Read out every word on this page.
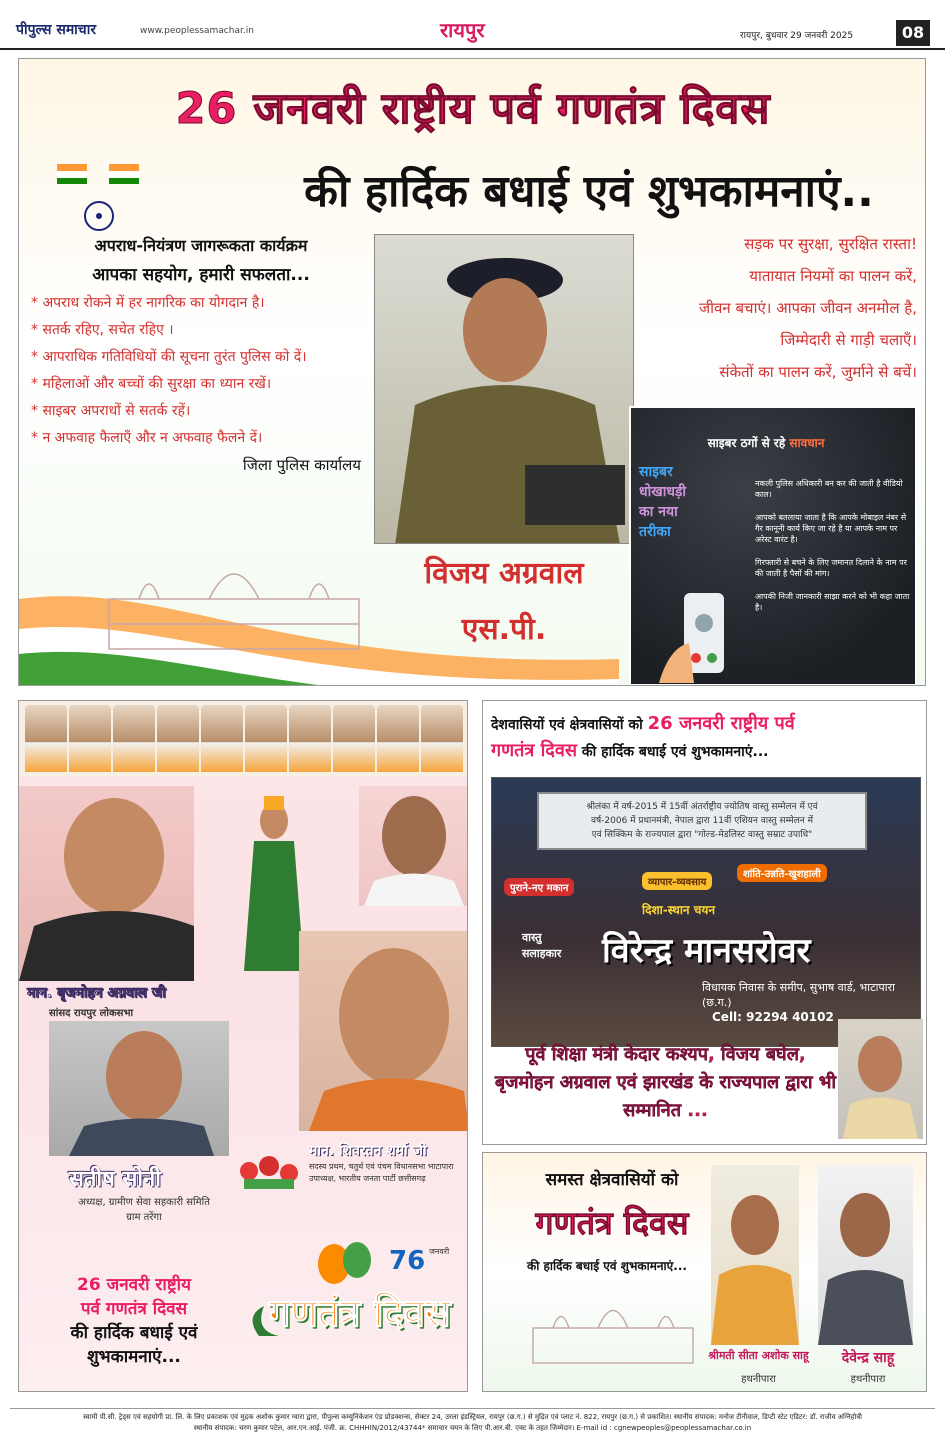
पीपुल्स समाचार	www.peoplessamachar.in	रायपुर	रायपुर, बुधवार 29 जनवरी 2025	08
26 जनवरी राष्ट्रीय पर्व गणतंत्र दिवस
की हार्दिक बधाई एवं शुभकामनाएं..
अपराध-नियंत्रण जागरूकता कार्यक्रम
आपका सहयोग, हमारी सफलता...
* अपराध रोकने में हर नागरिक का योगदान है।
* सतर्क रहिए, सचेत रहिए ।
* आपराधिक गतिविधियों की सूचना तुरंत पुलिस को दें।
* महिलाओं और बच्चों की सुरक्षा का ध्यान रखें।
* साइबर अपराधों से सतर्क रहें।
* न अफवाह फैलाएँ और न अफवाह फैलने दें।
जिला पुलिस कार्यालय
विजय अग्रवाल
एस.पी.
सड़क पर सुरक्षा, सुरक्षित रास्ता!
यातायात नियमों का पालन करें,
जीवन बचाएं। आपका जीवन अनमोल है,
जिम्मेदारी से गाड़ी चलाएँ।
संकेतों का पालन करें, जुर्माने से बचें।
साइबर ठगों से रहे सावधान
साइबर
धोखाधड़ी
का नया
तरीका

नकली पुलिस अधिकारी बन कर की जाती है वीडियो काल।

आपको बतलाया जाता है कि आपके मोबाइल नंबर से गैर कानूनी कार्य किए जा रहे है या आपके नाम पर अरेस्ट वारंट है।

गिरफ्तारी से बचने के लिए जमानत दिलाने के नाम पर की जाती है पैसों की मांग।

आपकी निजी जानकारी साझा करने को भी कहा जाता है।

मान. बृजमोहन अग्रवाल जी
सांसद रायपुर लोकसभा
मान. शिवरतन शर्मा जी
सदस्य प्रथम, चतुर्थ एवं पंचम विधानसभा भाटापारा उपाध्यक्ष, भारतीय जनता पार्टी छत्तीसगढ़
सतीष सोनी
अध्यक्ष, ग्रामीण सेवा सहकारी समिति
ग्राम तरेंगा
26 जनवरी राष्ट्रीय
पर्व गणतंत्र दिवस
की हार्दिक बधाई एवं
शुभकामनाएं...
गणतंत्र दिवस
76 जनवरी
देशवासियों एवं क्षेत्रवासियों को 26 जनवरी राष्ट्रीय पर्व
गणतंत्र दिवस की हार्दिक बधाई एवं शुभकामनाएं...
श्रीलंका में वर्ष-2015 में 15वीं अंतर्राष्ट्रीय ज्योतिष वास्तु सम्मेलन में एवं
वर्ष-2006 में प्रधानमंत्री, नेपाल द्वारा 11वीं एशियन वास्तु सम्मेलन में
एवं सिक्किम के राज्यपाल द्वारा "गोल्ड-मेडलिस्ट वास्तु सम्राट उपाधि"
पुराने-नए मकान
व्यापार-व्यवसाय
शांति-उन्नति-खुशहाली
दिशा-स्थान चयन
वास्तु
सलाहकार विरेन्द्र मानसरोवर
विधायक निवास के समीप, सुभाष वार्ड, भाटापारा (छ.ग.)
Cell: 92294 40102
पूर्व शिक्षा मंत्री केदार कश्यप, विजय बघेल, बृजमोहन अग्रवाल एवं झारखंड के राज्यपाल द्वारा भी सम्मानित ...
समस्त क्षेत्रवासियों को
गणतंत्र दिवस
की हार्दिक बधाई एवं शुभकामनाएं...
श्रीमती सीता अशोक साहू	देवेन्द्र साहू
हथनीपारा	हथनीपारा
स्वामी पी.सी. ट्रेड्स एवं सहयोगी प्रा. लि. के लिए प्रकाशक एवं मुद्रक अशोक कुमार ग्वारा द्वारा, पीपुल्स कम्युनिकेशन एंड प्रोडक्शन्स, सेक्टर 24, उरला इंडस्ट्रियल, रायपुर (छ.ग.) से मुद्रित एवं प्लाट नं. 822, रायपुर (छ.ग.) से प्रकाशित। स्थानीय संपादक: मनोज टीनीवाल, डिप्टी स्टेट एडिटर: डॉ. राजीव अग्निहोत्री
स्थानीय संपादक: चरण कुमार पटेल, आर.एन.आई. पंजी. क्र. CHHHIN/2012/43744* समाचार चयन के लिए पी.आर.बी. एक्ट के तहत जिम्मेदार। E-mail id : cgnewpeoples@peoplessamachar.co.in
